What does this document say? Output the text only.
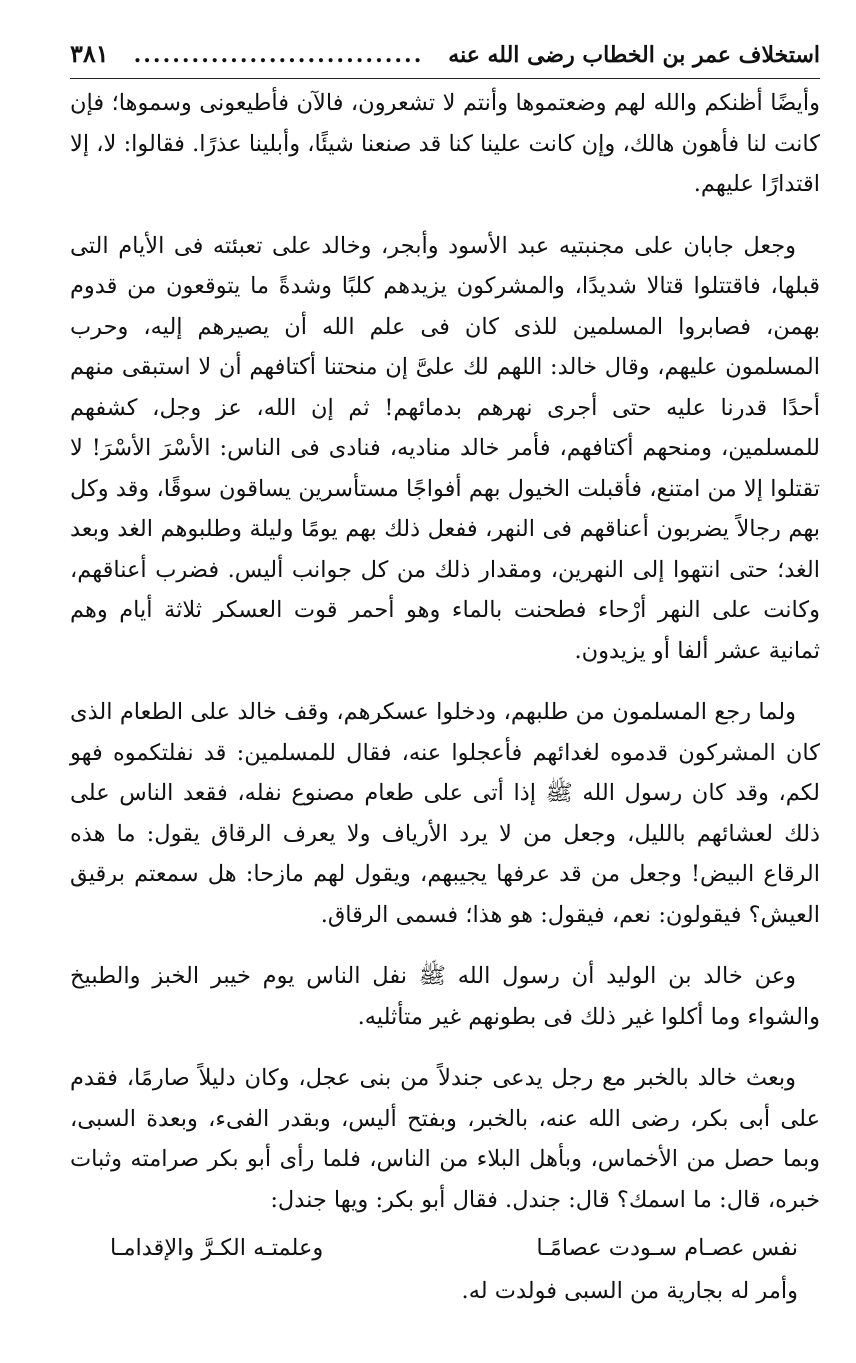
استخلاف عمر بن الخطاب رضى الله عنه
..............................
٣٨١

وأيضًا أظنكم والله لهم وضعتموها وأنتم لا تشعرون، فالآن فأطيعونى وسموها؛ فإن كانت لنا فأهون هالك، وإن كانت علينا كنا قد صنعنا شيئًا، وأبلينا عذرًا. فقالوا: لا، إلا اقتدارًا عليهم.

وجعل جابان على مجنبتيه عبد الأسود وأبجر، وخالد على تعبئته فى الأيام التى قبلها، فاقتتلوا قتالا شديدًا، والمشركون يزيدهم كلبًا وشدةً ما يتوقعون من قدوم بهمن، فصابروا المسلمين للذى كان فى علم الله أن يصيرهم إليه، وحرب المسلمون عليهم، وقال خالد: اللهم لك علىَّ إن منحتنا أكتافهم أن لا استبقى منهم أحدًا قدرنا عليه حتى أجرى نهرهم بدمائهم! ثم إن الله، عز وجل، كشفهم للمسلمين، ومنحهم أكتافهم، فأمر خالد مناديه، فنادى فى الناس: الأسْرَ الأسْرَ! لا تقتلوا إلا من امتنع، فأقبلت الخيول بهم أفواجًا مستأسرين يساقون سوقًا، وقد وكل بهم رجالاً يضربون أعناقهم فى النهر، ففعل ذلك بهم يومًا وليلة وطلبوهم الغد وبعد الغد؛ حتى انتهوا إلى النهرين، ومقدار ذلك من كل جوانب أليس. فضرب أعناقهم، وكانت على النهر أرْحاء فطحنت بالماء وهو أحمر قوت العسكر ثلاثة أيام وهم ثمانية عشر ألفا أو يزيدون.

ولما رجع المسلمون من طلبهم، ودخلوا عسكرهم، وقف خالد على الطعام الذى كان المشركون قدموه لغدائهم فأعجلوا عنه، فقال للمسلمين: قد نفلتكموه فهو لكم، وقد كان رسول الله ﷺ إذا أتى على طعام مصنوع نفله، فقعد الناس على ذلك لعشائهم بالليل، وجعل من لا يرد الأرياف ولا يعرف الرقاق يقول: ما هذه الرقاع البيض! وجعل من قد عرفها يجيبهم، ويقول لهم مازحا: هل سمعتم برقيق العيش؟ فيقولون: نعم، فيقول: هو هذا؛ فسمى الرقاق.

وعن خالد بن الوليد أن رسول الله ﷺ نفل الناس يوم خيبر الخبز والطبيخ والشواء وما أكلوا غير ذلك فى بطونهم غير متأثليه.

وبعث خالد بالخبر مع رجل يدعى جندلاً من بنى عجل، وكان دليلاً صارمًا، فقدم على أبى بكر، رضى الله عنه، بالخبر، وبفتح أليس، وبقدر الفىء، وبعدة السبى، وبما حصل من الأخماس، وبأهل البلاء من الناس، فلما رأى أبو بكر صرامته وثبات خبره، قال: ما اسمك؟ قال: جندل. فقال أبو بكر: ويها جندل:

نفس عصـام سـودت عصامًـا
وعلمتـه الكـرَّ والإقدامـا
وأمر له بجارية من السبى فولدت له.
